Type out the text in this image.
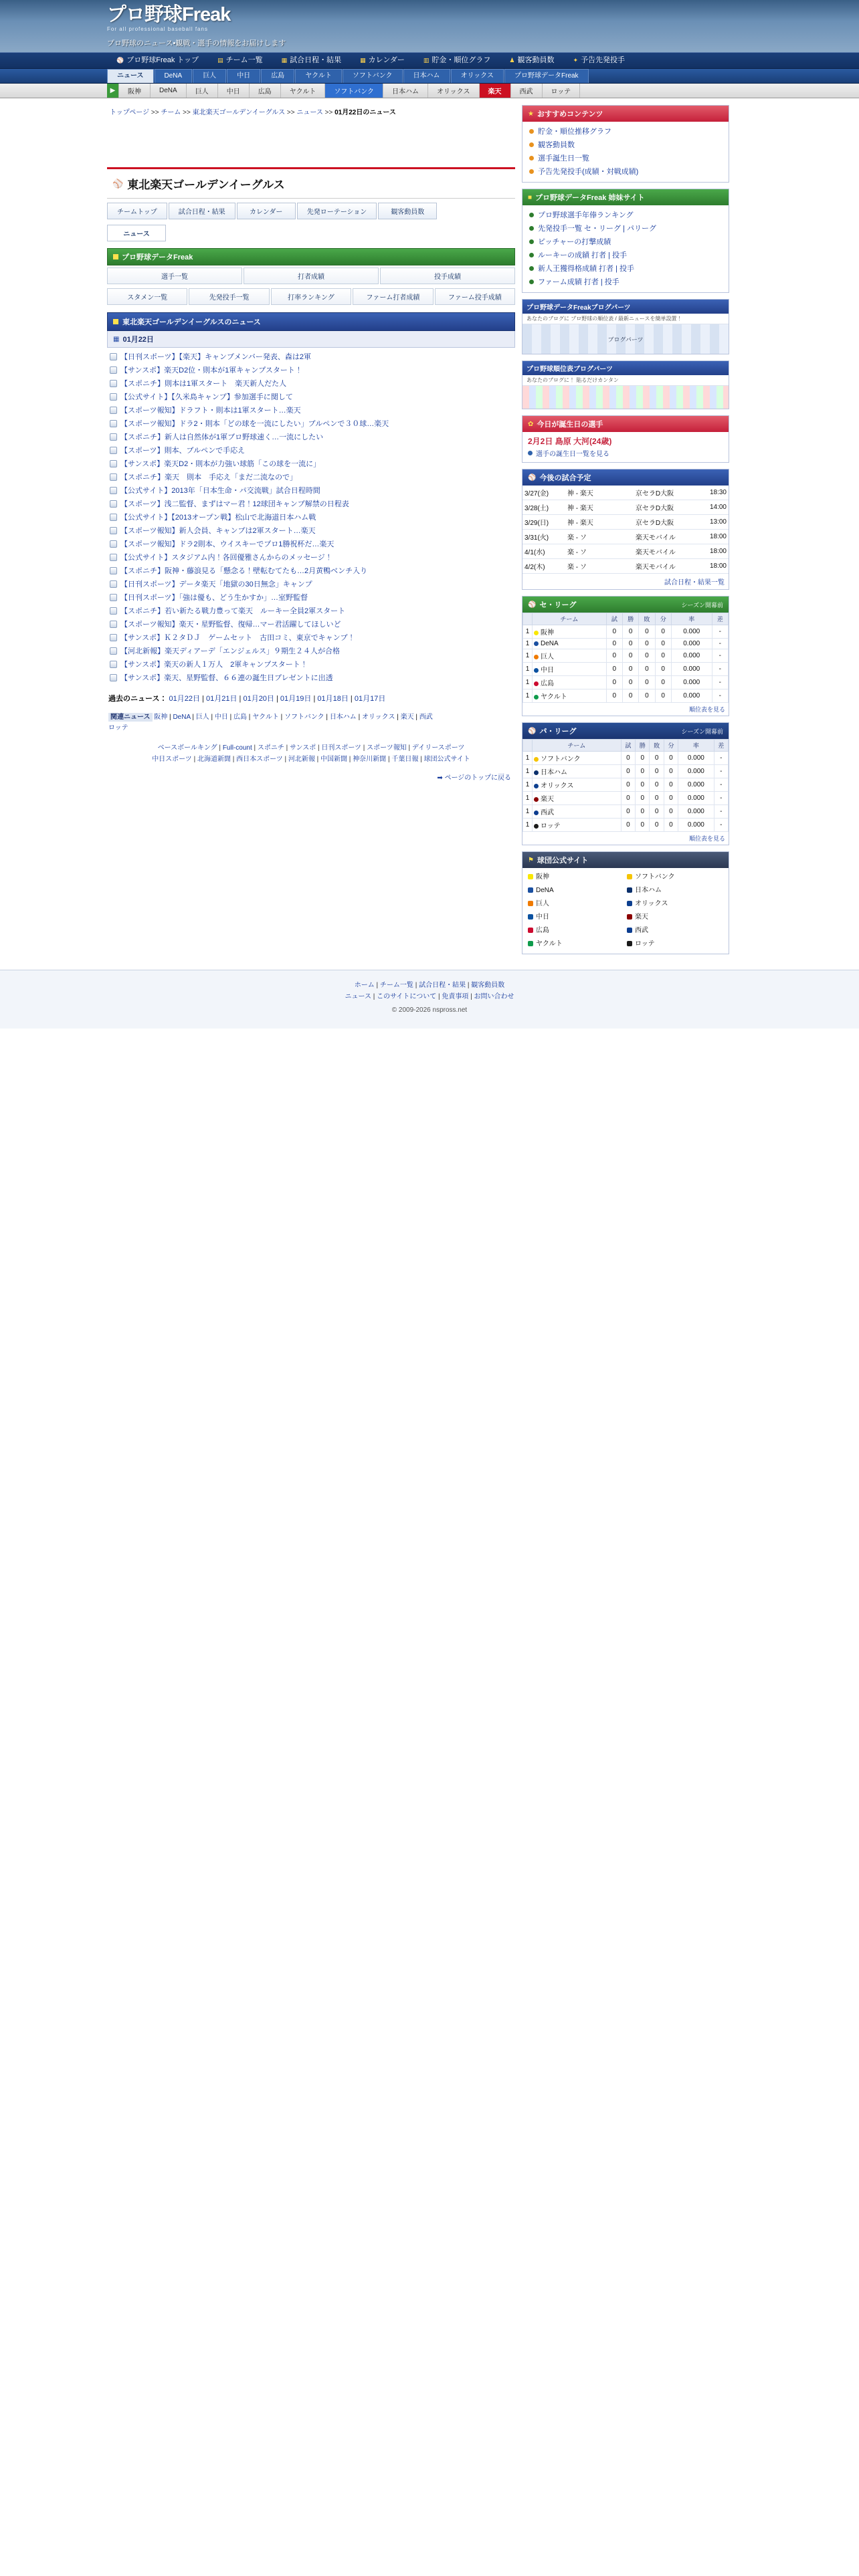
プロ野球Freak
For all professional baseball fans
プロ野球のニュース•観戦・選手の情報をお届けします
⚾ プロ野球Freak トップ	▤ チーム一覧	▦ 試合日程・結果	▦ カレンダー	▥ 貯金・順位グラフ	♟ 観客動員数	✦ 予告先発投手
ニュース	DeNA	巨人	中日	広島	ヤクルト	ソフトバンク	日本ハム	オリックス	プロ野球データFreak
▶	阪神	DeNA	巨人	中日	広島	ヤクルト	ソフトバンク	日本ハム	オリックス	楽天	西武	ロッテ
トップページ >> チーム >> 東北楽天ゴールデンイーグルス >> ニュース >> 01月22日のニュース
⚾ 東北楽天ゴールデンイーグルス
チームトップ	試合日程・結果	カレンダー	先発ローテーション	観客動員数
ニュース
プロ野球データFreak
選手一覧	打者成績	投手成績
スタメン一覧	先発投手一覧	打率ランキング	ファーム打者成績	ファーム投手成績
東北楽天ゴールデンイーグルスのニュース
▦ 01月22日
【日刊スポーツ】【楽天】キャンプメンバー発表、森は2軍
【サンスポ】楽天D2位・則本が1軍キャンプスタート！
【スポニチ】則本は1軍スタート　楽天新人だた人
【公式サイト】【久米島キャンプ】参加選手に関して
【スポーツ報知】ドラフト・則本は1軍スタート…楽天
【スポーツ報知】ドラ2・則本「どの球を一流にしたい」ブルペンで３０球…楽天
【スポニチ】新人は自然体が1軍ブロ野球速く…一流にしたい
【スポーツ】則本、ブルペンで手応え
【サンスポ】楽天D2・則本が力強い球筋「この球を一流に」
【スポニチ】楽天　則本　手応え「まだ二流なので」
【公式サイト】2013年「日本生命・パ交流戦」試合日程時間
【スポーツ】浅二監督、まずはマー君！12球団キャンプ解禁の日程表
【公式サイト】【2013オープン戦】松山で北海道日本ハム戦
【スポーツ報知】新人会員、キャンプは2軍スタート…楽天
【スポーツ報知】ドラ2則本、ウイスキーでプロ1勝祝杯だ…楽天
【公式サイト】スタジアム内！各回優雅さんからのメッセージ！
【スポニチ】阪神・藤浪見る「懸念る！壁転むてたも…2月黄鴨ベンチ入り
【日刊スポーツ】データ楽天「地獄の30日無念」キャンプ
【日刊スポーツ】「強は優も、どう生かすか」…室野監督
【スポニチ】若い新たる戦力豊って楽天　ルーキー全員2軍スタート
【スポーツ報知】楽天・星野監督、復帰…マー君活躍してほしいど
【サンスポ】Ｋ２タＤＪ　ゲームセット　古田コミ、東京でキャンプ！
【河北新報】楽天ディアーデ「エンジェルス」９期生２４人が合格
【サンスポ】楽天の新人１万人　2軍キャンプスタート！
【サンスポ】楽天、星野監督、６６連の誕生日プレゼントに出透
過去のニュース： 01月22日 | 01月21日 | 01月20日 | 01月19日 | 01月18日 | 01月17日
関連ニュース 阪神 | DeNA | 巨人 | 中日 | 広島 | ヤクルト | ソフトバンク | 日本ハム | オリックス | 楽天 | 西武
ロッテ
ベースボールキング | Full-count | スポニチ | サンスポ | 日刊スポーツ | スポーツ報知 | デイリースポーツ
中日スポーツ | 北海道新聞 | 西日本スポーツ | 河北新報 | 中国新聞 | 神奈川新聞 | 千葉日報 | 球団公式サイト
➡ ページのトップに戻る
★ おすすめコンテンツ
貯金・順位推移グラフ
観客動員数
選手誕生日一覧
予告先発投手(成績・対戦成績)
■ プロ野球データFreak 姉妹サイト
プロ野球選手年俸ランキング
先発投手一覧 セ・リーグ | パリーグ
ピッチャーの打撃成績
ルーキーの成績 打者 | 投手
新人王獲得格成績 打者 | 投手
ファーム成績 打者 | 投手
プロ野球データFreakブログパーツ
あなたのブログに プロ野球の順位表 / 最新ニュースを簡単設置！
ブログパーツ
プロ野球順位表ブログパーツ
あなたのブログに！ 貼るだけカンタン
✿ 今日が誕生日の選手
2月2日 島原 大河(24歳)
選手の誕生日一覧を見る
⚾ 今後の試合予定
3/27(金)	神 - 楽天	京セラD大阪	18:30
3/28(土)	神 - 楽天	京セラD大阪	14:00
3/29(日)	神 - 楽天	京セラD大阪	13:00
3/31(火)	楽 - ソ	楽天モバイル	18:00
4/1(水)	楽 - ソ	楽天モバイル	18:00
4/2(木)	楽 - ソ	楽天モバイル	18:00
試合日程・結果一覧
⚾ セ・リーグ	シーズン開幕前
	チーム	試	勝	敗	分	率	差
1	阪神	0	0	0	0	0.000	-
1	DeNA	0	0	0	0	0.000	-
1	巨人	0	0	0	0	0.000	-
1	中日	0	0	0	0	0.000	-
1	広島	0	0	0	0	0.000	-
1	ヤクルト	0	0	0	0	0.000	-
順位表を見る
⚾ パ・リーグ	シーズン開幕前
	チーム	試	勝	敗	分	率	差
1	ソフトバンク	0	0	0	0	0.000	-
1	日本ハム	0	0	0	0	0.000	-
1	オリックス	0	0	0	0	0.000	-
1	楽天	0	0	0	0	0.000	-
1	西武	0	0	0	0	0.000	-
1	ロッテ	0	0	0	0	0.000	-
順位表を見る
⚑ 球団公式サイト
阪神	ソフトバンク
DeNA	日本ハム
巨人	オリックス
中日	楽天
広島	西武
ヤクルト	ロッテ
ホーム | チーム一覧 | 試合日程・結果 | 観客動員数
ニュース | このサイトについて | 免責事項 | お問い合わせ
© 2009-2026 nspross.net
